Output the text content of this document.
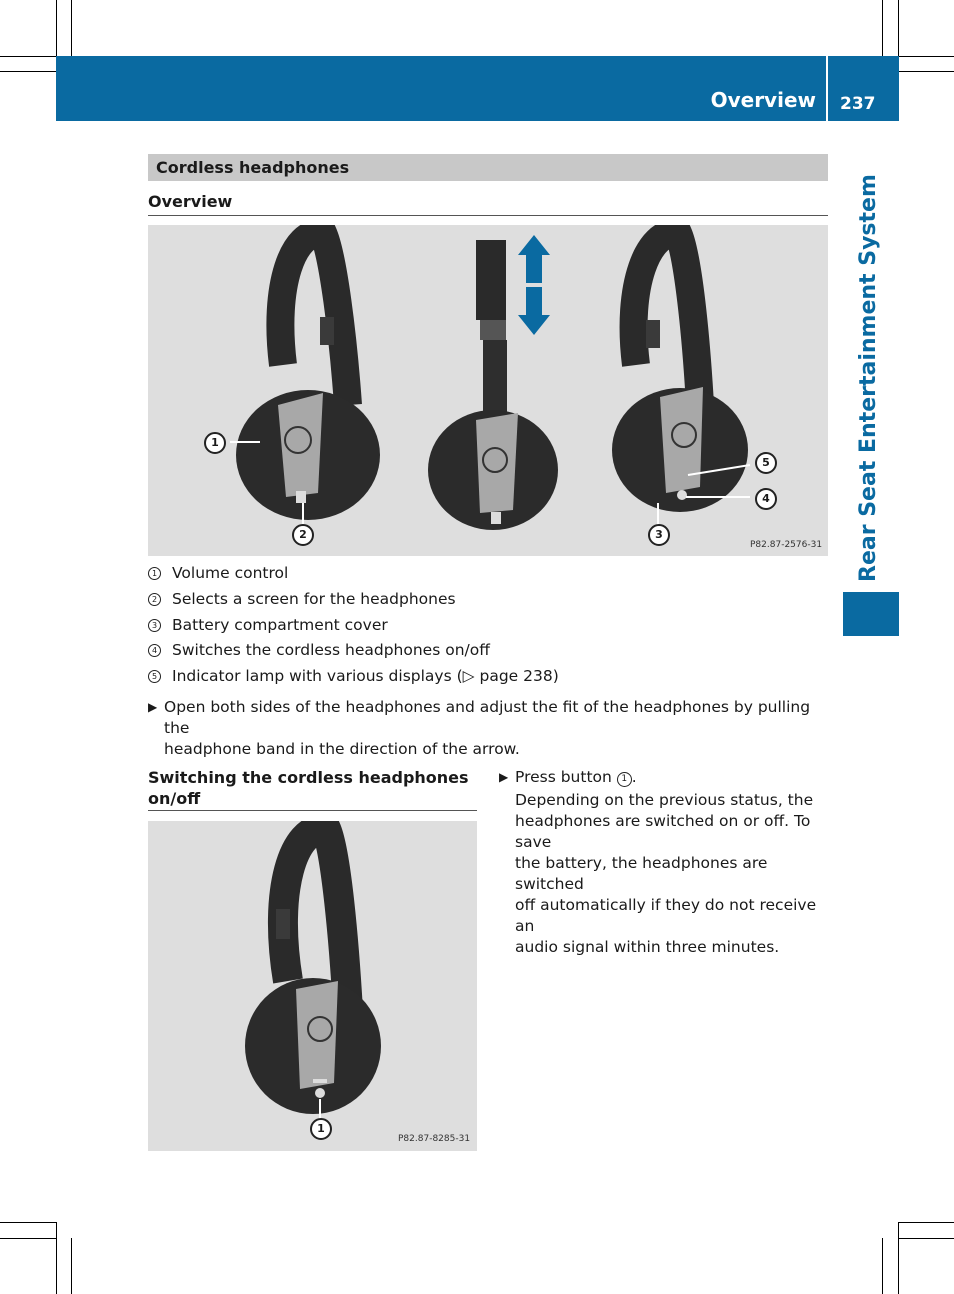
Overview 237
Rear Seat Entertainment System
Cordless headphones
Overview
1
2	3
4
5
P82.87-2576-31
1 Volume control
2 Selects a screen for the headphones
3 Battery compartment cover
4 Switches the cordless headphones on/off
5 Indicator lamp with various displays (▷ page 238)
▶ Open both sides of the headphones and adjust the fit of the headphones by pulling the
headphone band in the direction of the arrow.
Switching the cordless headphones
on/off
1
P82.87-8285-31
▶ Press button 1 .
Depending on the previous status, the
headphones are switched on or off. To save
the battery, the headphones are switched
off automatically if they do not receive an
audio signal within three minutes.
